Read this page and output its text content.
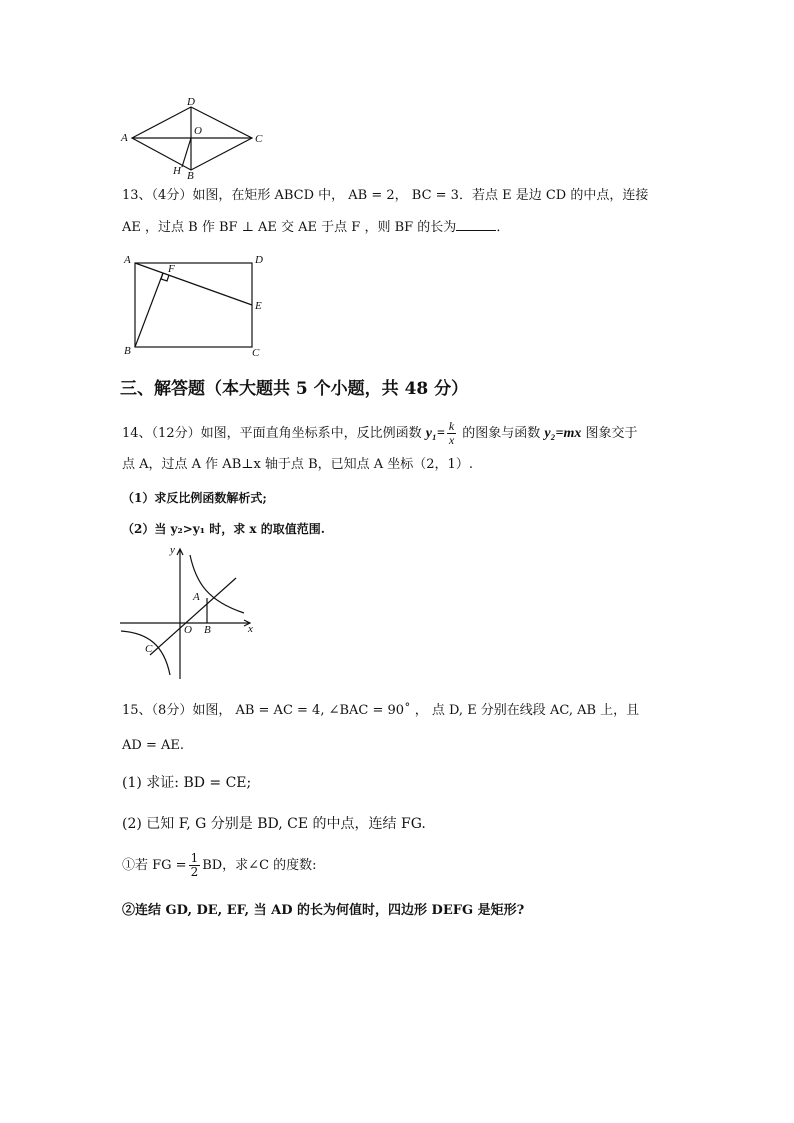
D
A
O
C
H B
13、（4分）如图，在矩形 ABCD 中， AB = 2， BC = 3．若点 E 是边 CD 的中点，连接
AE ，过点 B 作 BF ⊥ AE 交 AE 于点 F ，则 BF 的长为	．
A
F
D
E
B	C
三、解答题（本大题共 5 个小题，共 48 分）
14、（12分）如图，平面直角坐标系中，反比例函数 $y_1= \frac{k}{x}$ 的图象与函数 y₂=mx 图象交于
点 A，过点 A 作 AB⊥x 轴于点 B，已知点 A 坐标（2，1）.
（1）求反比例函数解析式;
（2）当 y₂>y₁ 时，求 x 的取值范围.
y
x
O
A
B
C
15、（8分）如图， AB = AC = 4, ∠BAC = 90˚ ， 点 D, E 分别在线段 AC, AB 上，且
AD = AE.
(1) 求证: BD = CE;
(2) 已知 F, G 分别是 BD, CE 的中点，连结 FG.
①若 FG = $\frac{1}{2}$ BD，求∠C 的度数:
②连结 GD, DE, EF, 当 AD 的长为何值时，四边形 DEFG 是矩形?
